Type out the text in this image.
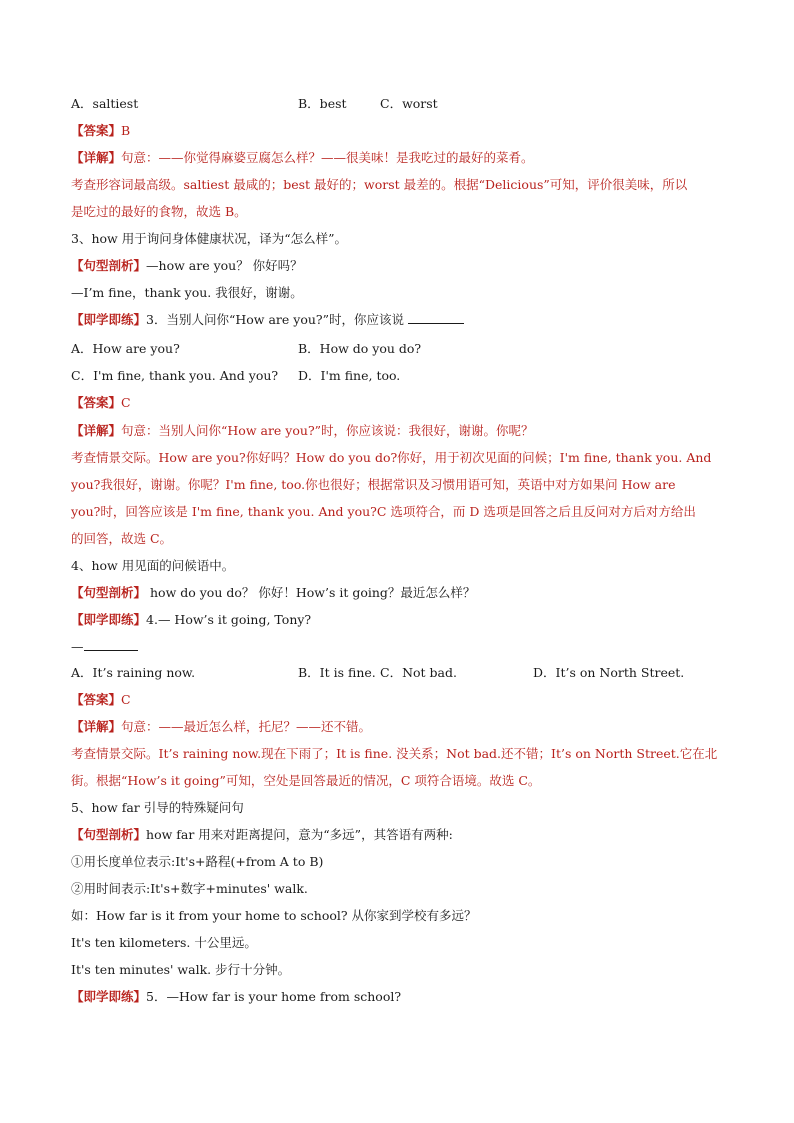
A．saltiest	B．best	C．worst
【答案】B
【详解】句意：——你觉得麻婆豆腐怎么样？——很美味！是我吃过的最好的菜肴。
考查形容词最高级。saltiest 最咸的；best 最好的；worst 最差的。根据“Delicious”可知，评价很美味，所以
是吃过的最好的食物，故选 B。
3、how 用于询问身体健康状况，译为“怎么样”。
【句型剖析】—how are you？ 你好吗？
—I’m fine，thank you. 我很好，谢谢。
【即学即练】3．当别人问你“How are you?”时，你应该说
A．How are you?	B．How do you do?
C．I'm fine, thank you. And you? D．I'm fine, too.
【答案】C
【详解】句意：当别人问你“How are you?”时，你应该说：我很好，谢谢。你呢？
考查情景交际。How are you?你好吗？How do you do?你好，用于初次见面的问候；I'm fine, thank you. And
you?我很好，谢谢。你呢？I'm fine, too.你也很好；根据常识及习惯用语可知，英语中对方如果问 How are
you?时，回答应该是 I'm fine, thank you. And you?C 选项符合，而 D 选项是回答之后且反问对方后对方给出
的回答，故选 C。
4、how 用见面的问候语中。
【句型剖析】 how do you do？ 你好！How’s it going？最近怎么样？
【即学即练】4.— How’s it going, Tony?
—
A．It’s raining now.	B．It is fine. C．Not bad.	D．It’s on North Street.
【答案】C
【详解】句意：——最近怎么样，托尼？——还不错。
考查情景交际。It’s raining now.现在下雨了；It is fine. 没关系；Not bad.还不错；It’s on North Street.它在北
街。根据“How’s it going”可知，空处是回答最近的情况，C 项符合语境。故选 C。
5、how far 引导的特殊疑问句
【句型剖析】how far 用来对距离提问，意为“多远”，其答语有两种:
①用长度单位表示:It's+路程(+from A to B)
②用时间表示:It's+数字+minutes' walk.
如：How far is it from your home to school? 从你家到学校有多远？
It's ten kilometers. 十公里远。
It's ten minutes' walk. 步行十分钟。
【即学即练】5．—How far is your home from school?
